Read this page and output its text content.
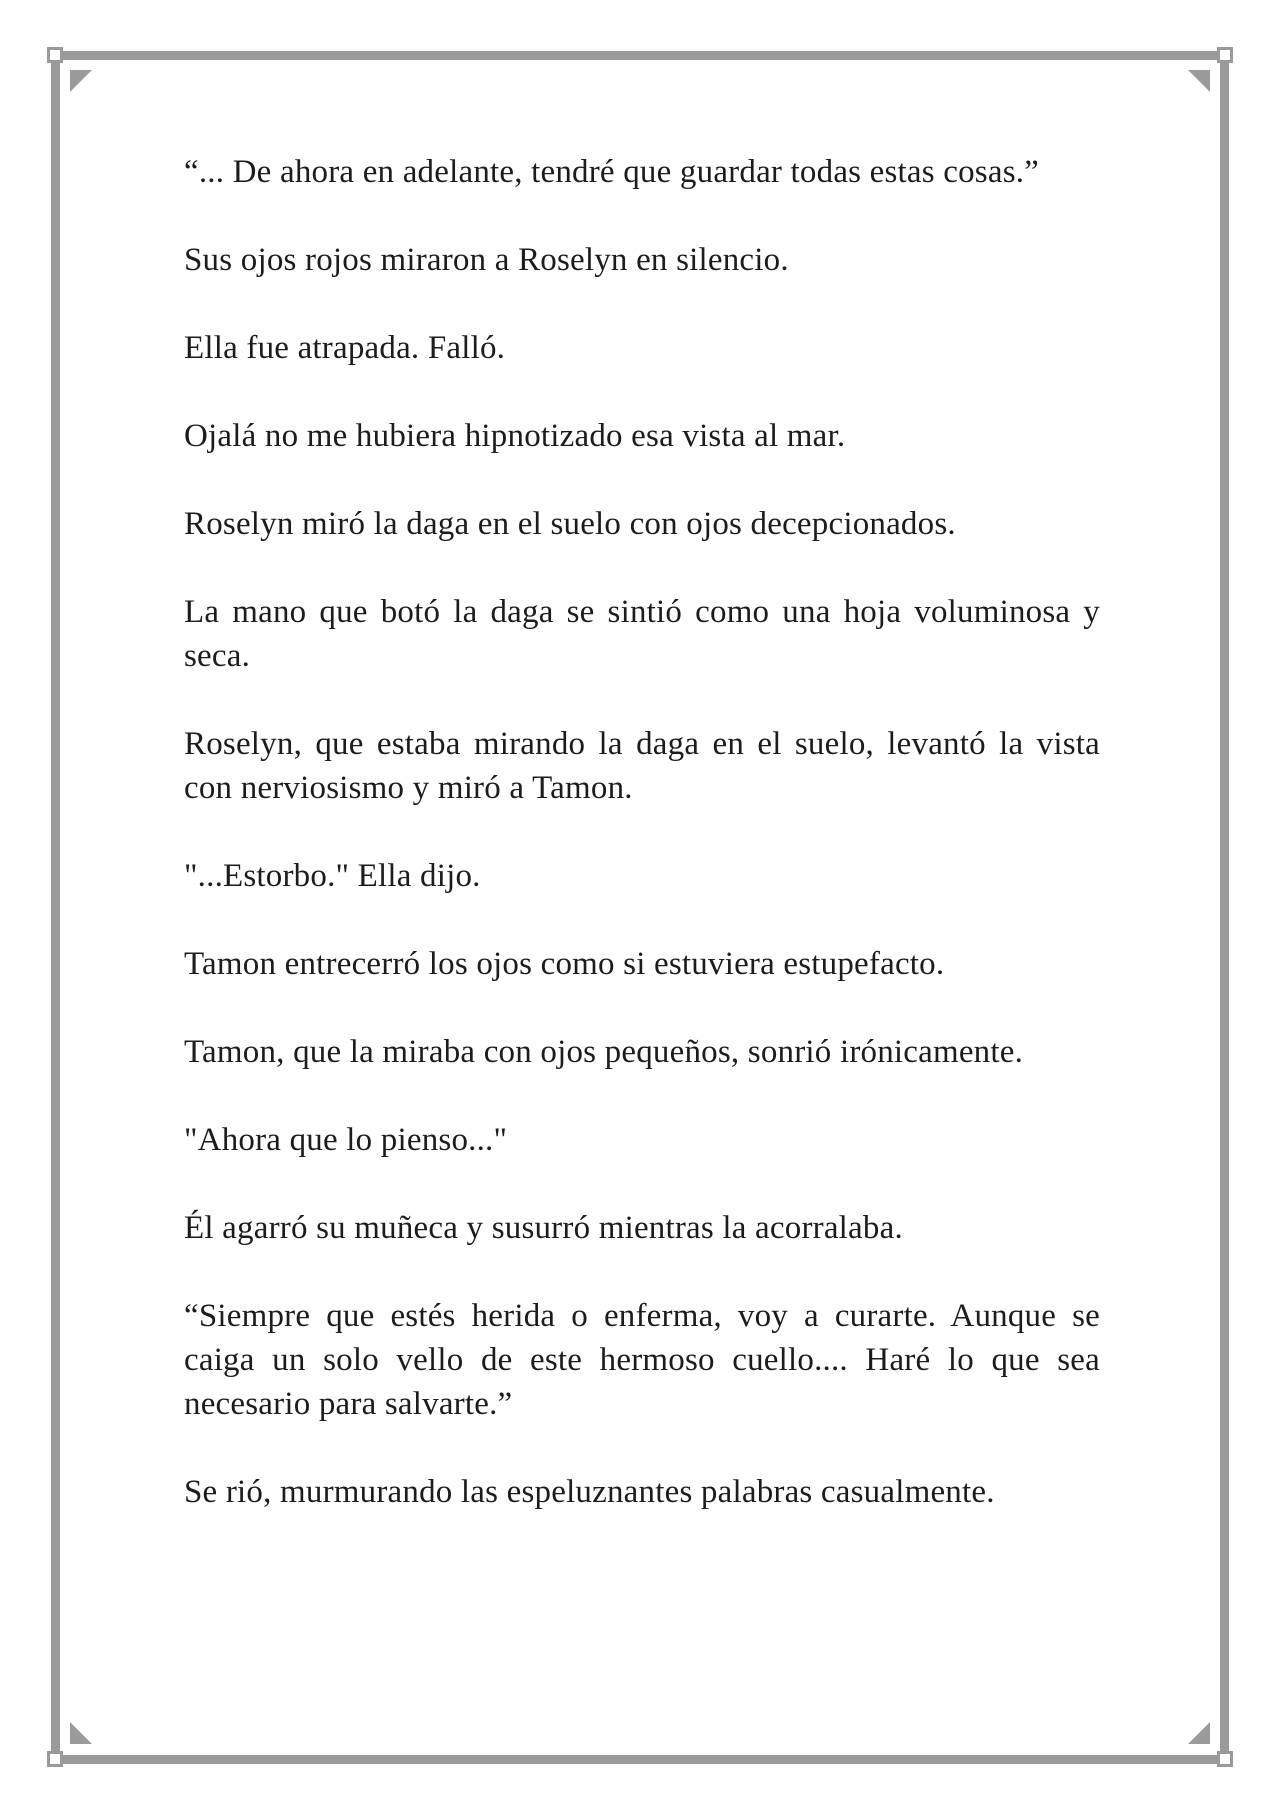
“... De ahora en adelante, tendré que guardar todas estas cosas.”

Sus ojos rojos miraron a Roselyn en silencio.

Ella fue atrapada. Falló.

Ojalá no me hubiera hipnotizado esa vista al mar.

Roselyn miró la daga en el suelo con ojos decepcionados.

La mano que botó la daga se sintió como una hoja voluminosa y seca.

Roselyn, que estaba mirando la daga en el suelo, levantó la vista con nerviosismo y miró a Tamon.

"...Estorbo." Ella dijo.

Tamon entrecerró los ojos como si estuviera estupefacto.

Tamon, que la miraba con ojos pequeños, sonrió irónicamente.

"Ahora que lo pienso..."

Él agarró su muñeca y susurró mientras la acorralaba.

“Siempre que estés herida o enferma, voy a curarte. Aunque se caiga un solo vello de este hermoso cuello.... Haré lo que sea necesario para salvarte.”

Se rió, murmurando las espeluznantes palabras casualmente.
